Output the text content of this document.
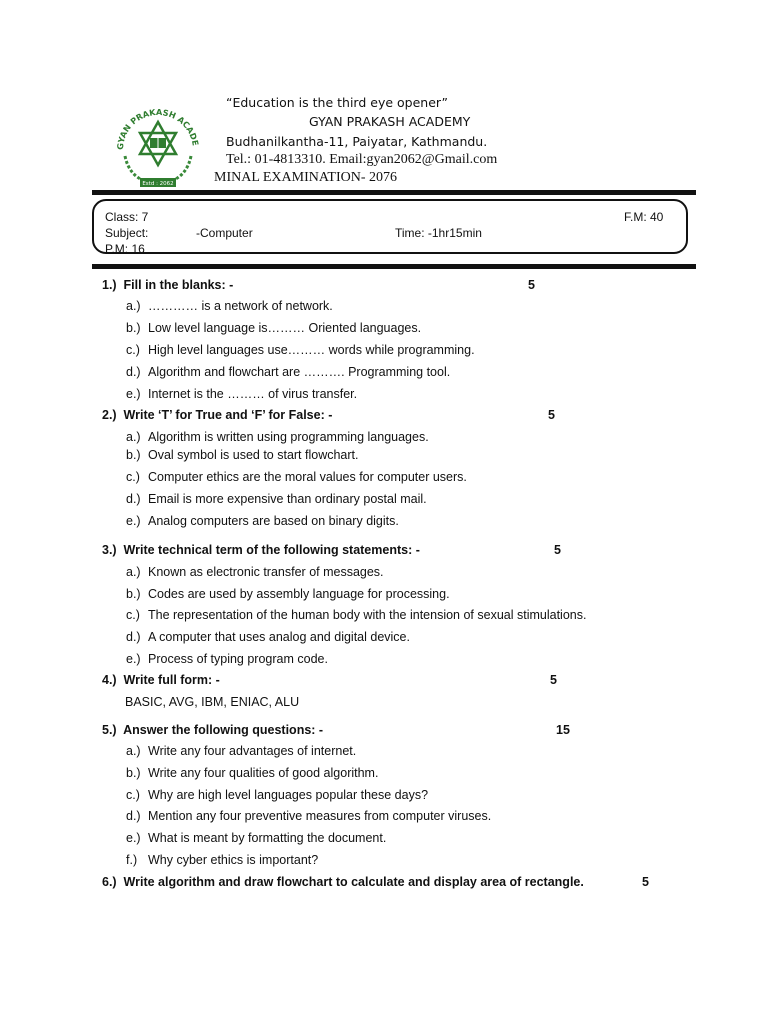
GYAN PRAKASH ACADE
Estd : 2062
“Education is the third eye opener”
GYAN PRAKASH ACADEMY
Budhanilkantha-11, Paiyatar, Kathmandu.
Tel.: 01-4813310. Email:gyan2062@Gmail.com
MINAL EXAMINATION- 2076
Class: 7	F.M: 40
Subject:	-Computer	Time: -1hr15min
P.M: 16
1.) Fill in the blanks: -	5
a.) ………… is a network of network.
b.) Low level language is……… Oriented languages.
c.) High level languages use……… words while programming.
d.) Algorithm and flowchart are ………. Programming tool.
e.) Internet is the ……… of virus transfer.
2.) Write ‘T’ for True and ‘F’ for False: -	5
a.) Algorithm is written using programming languages.
b.) Oval symbol is used to start flowchart.
c.) Computer ethics are the moral values for computer users.
d.) Email is more expensive than ordinary postal mail.
e.) Analog computers are based on binary digits.
3.) Write technical term of the following statements: -	5
a.) Known as electronic transfer of messages.
b.) Codes are used by assembly language for processing.
c.) The representation of the human body with the intension of sexual stimulations.
d.) A computer that uses analog and digital device.
e.) Process of typing program code.
4.) Write full form: -	5
BASIC, AVG, IBM, ENIAC, ALU
5.) Answer the following questions: -	15
a.) Write any four advantages of internet.
b.) Write any four qualities of good algorithm.
c.) Why are high level languages popular these days?
d.) Mention any four preventive measures from computer viruses.
e.) What is meant by formatting the document.
f.) Why cyber ethics is important?
6.) Write algorithm and draw flowchart to calculate and display area of rectangle.	5
